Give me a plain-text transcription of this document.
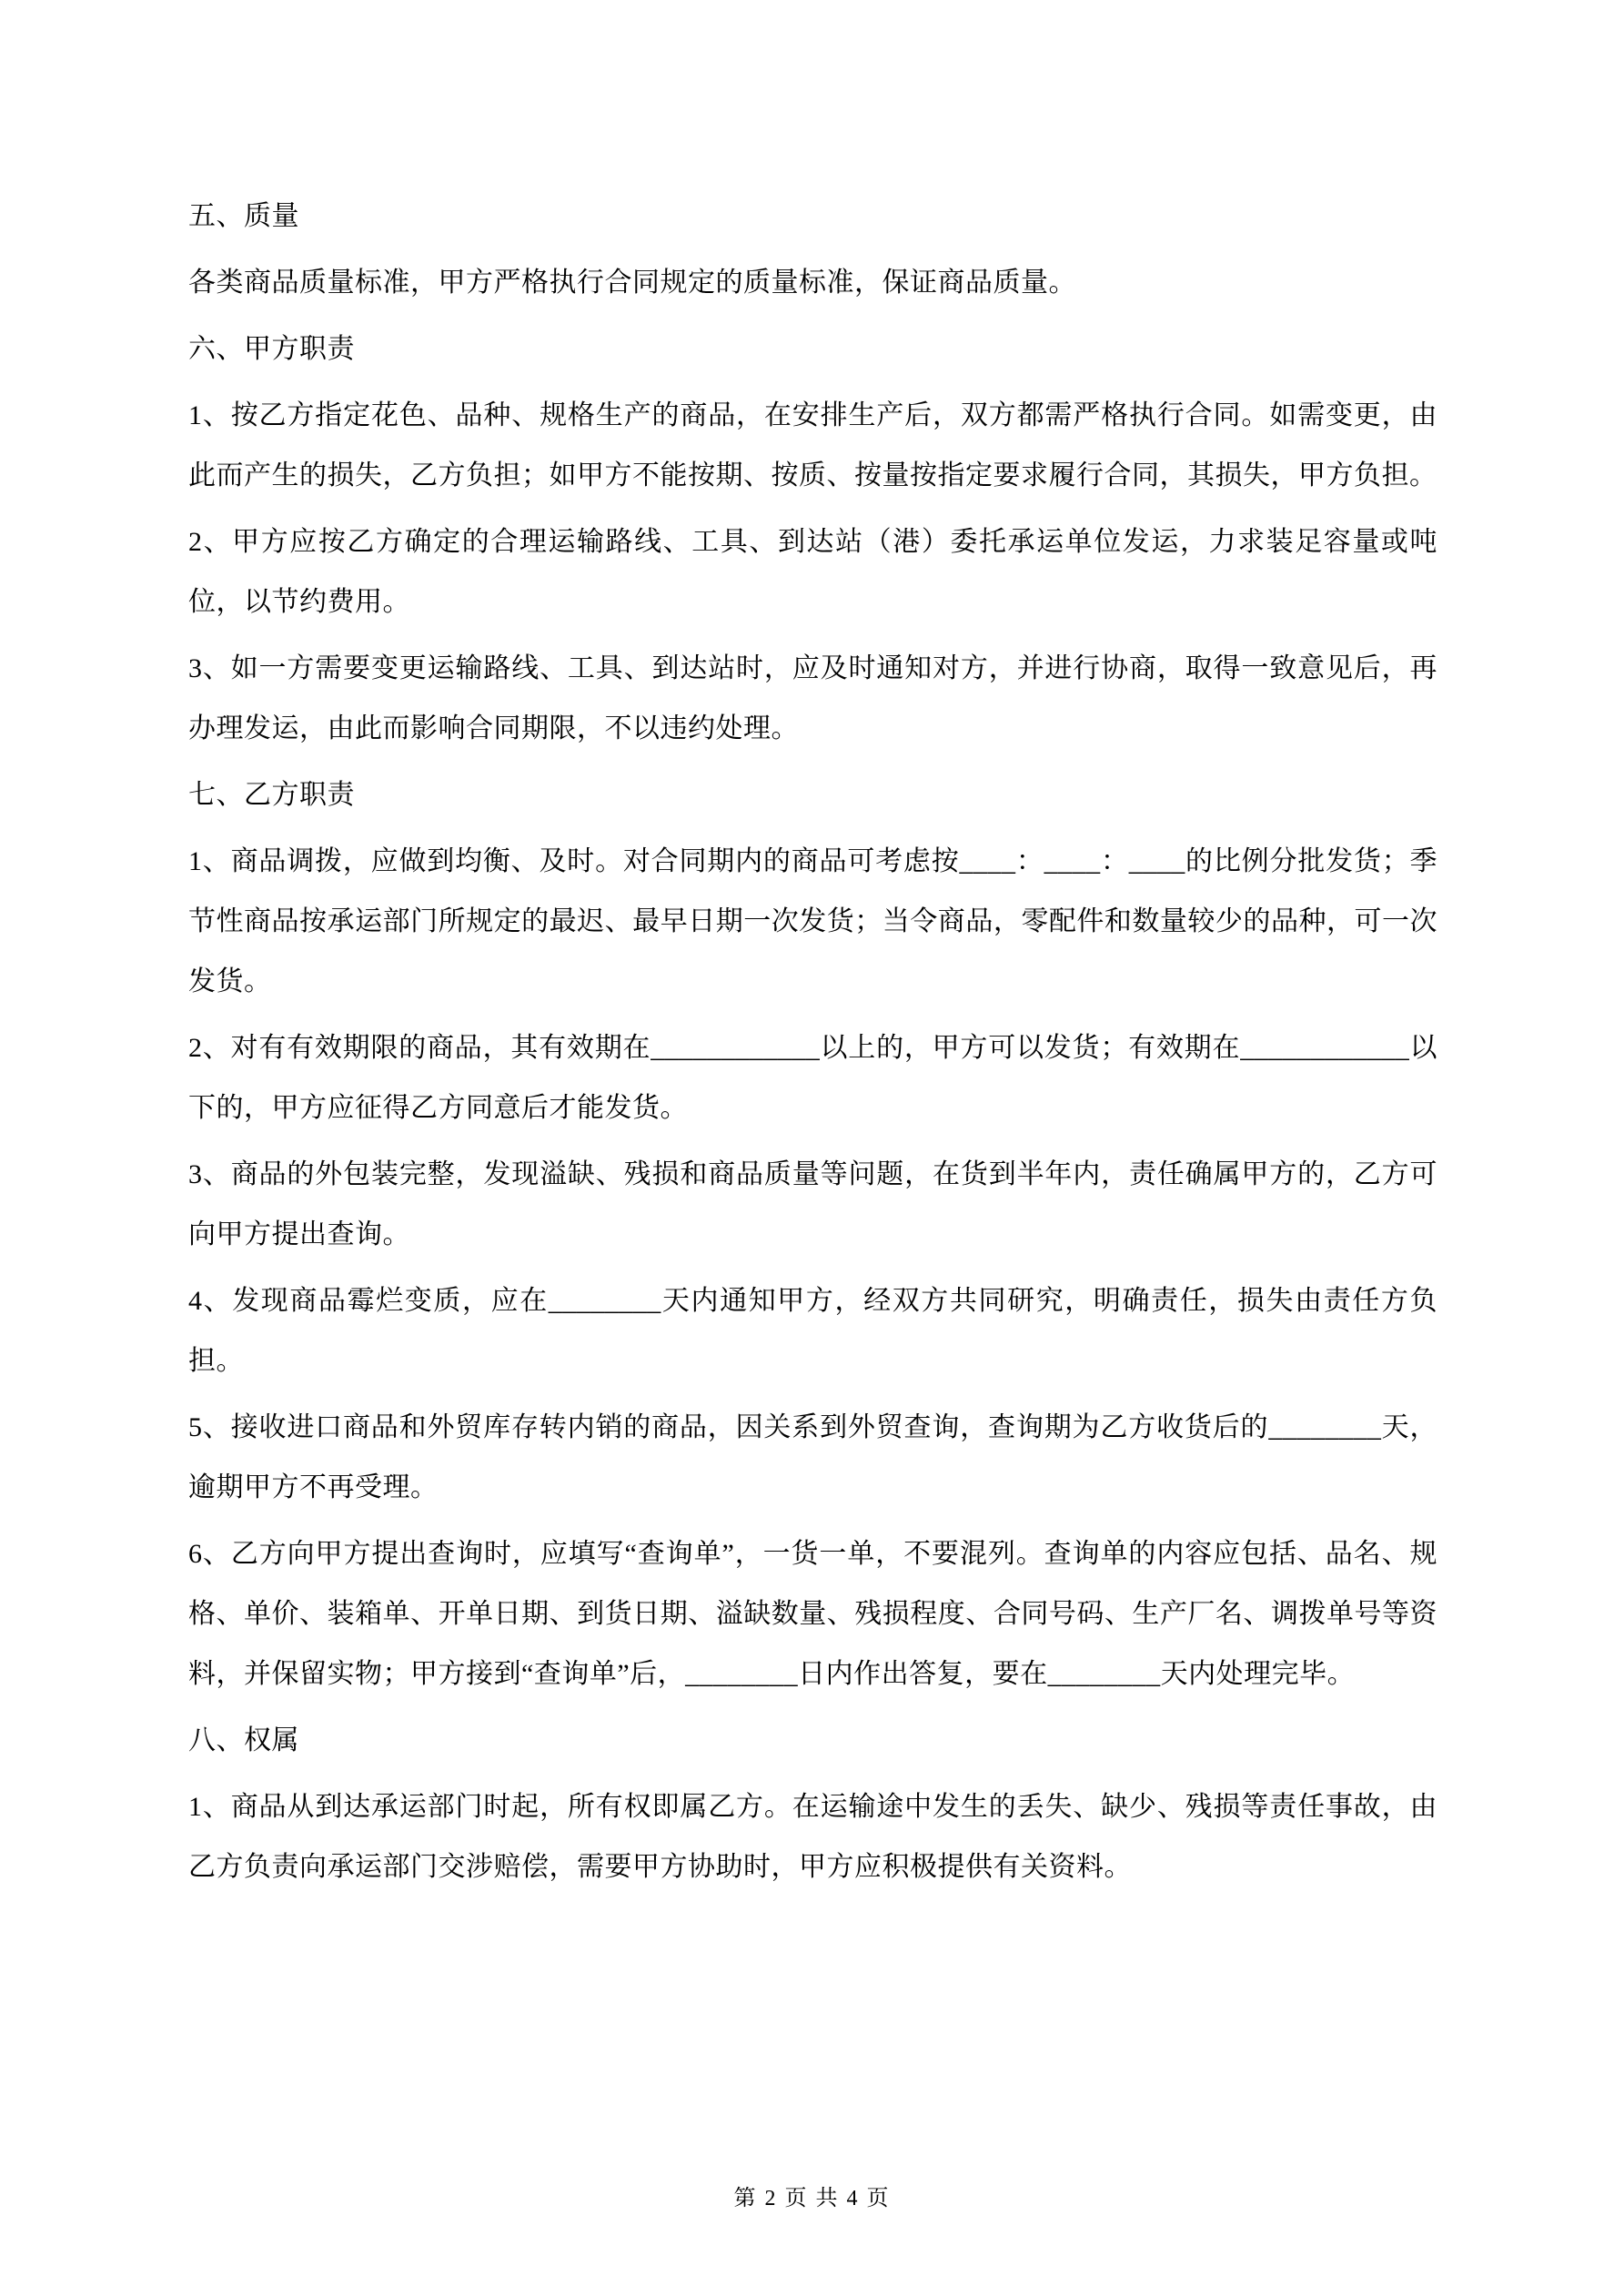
五、质量

各类商品质量标准，甲方严格执行合同规定的质量标准，保证商品质量。

六、甲方职责

1、按乙方指定花色、品种、规格生产的商品，在安排生产后，双方都需严格执行合同。如需变更，由此而产生的损失，乙方负担；如甲方不能按期、按质、按量按指定要求履行合同，其损失，甲方负担。

2、甲方应按乙方确定的合理运输路线、工具、到达站（港）委托承运单位发运，力求装足容量或吨位，以节约费用。

3、如一方需要变更运输路线、工具、到达站时，应及时通知对方，并进行协商，取得一致意见后，再办理发运，由此而影响合同期限，不以违约处理。

七、乙方职责

1、商品调拨，应做到均衡、及时。对合同期内的商品可考虑按____：____：____的比例分批发货；季节性商品按承运部门所规定的最迟、最早日期一次发货；当令商品，零配件和数量较少的品种，可一次发货。

2、对有有效期限的商品，其有效期在____________以上的，甲方可以发货；有效期在____________以下的，甲方应征得乙方同意后才能发货。

3、商品的外包装完整，发现溢缺、残损和商品质量等问题，在货到半年内，责任确属甲方的，乙方可向甲方提出查询。

4、发现商品霉烂变质，应在________天内通知甲方，经双方共同研究，明确责任，损失由责任方负担。

5、接收进口商品和外贸库存转内销的商品，因关系到外贸查询，查询期为乙方收货后的________天，逾期甲方不再受理。

6、乙方向甲方提出查询时，应填写“查询单”，一货一单，不要混列。查询单的内容应包括、品名、规格、单价、装箱单、开单日期、到货日期、溢缺数量、残损程度、合同号码、生产厂名、调拨单号等资料，并保留实物；甲方接到“查询单”后，________日内作出答复，要在________天内处理完毕。

八、权属

1、商品从到达承运部门时起，所有权即属乙方。在运输途中发生的丢失、缺少、残损等责任事故，由乙方负责向承运部门交涉赔偿，需要甲方协助时，甲方应积极提供有关资料。

第 2 页 共 4 页
